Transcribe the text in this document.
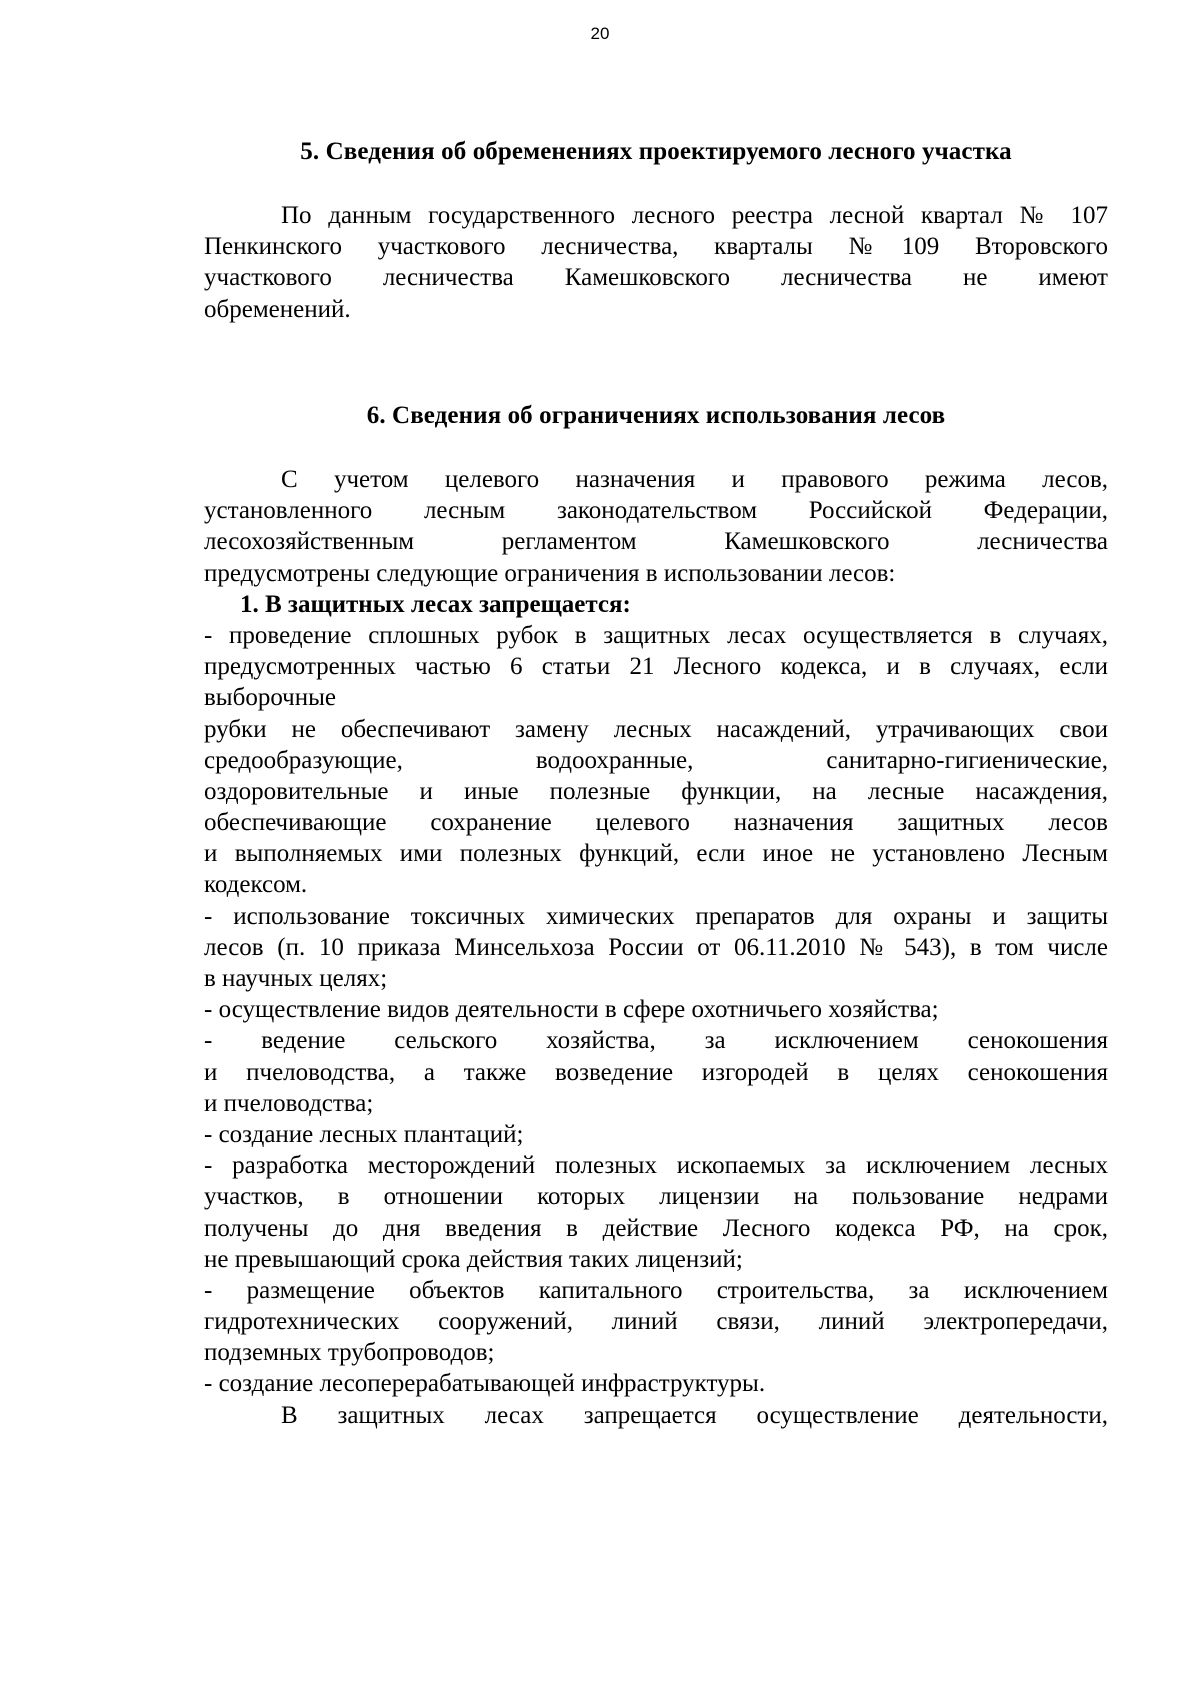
20
5. Сведения об обременениях проектируемого лесного участка
По данным государственного лесного реестра лесной квартал № 107
Пенкинского участкового лесничества, кварталы №109 Второвского
участкового лесничества Камешковского лесничества не имеют
обременений.
6. Сведения об ограничениях использования лесов
С учетом целевого назначения и правового режима лесов,
установленного лесным законодательством Российской Федерации,
лесохозяйственным регламентом Камешковского лесничества
предусмотрены следующие ограничения в использовании лесов:
1. В защитных лесах запрещается:
- проведение сплошных рубок в защитных лесах осуществляется в случаях,
предусмотренных частью 6 статьи 21 Лесного кодекса, и в случаях, если
выборочные
рубки не обеспечивают замену лесных насаждений, утрачивающих свои
средообразующие, водоохранные, санитарно-гигиенические,
оздоровительные и иные полезные функции, на лесные насаждения,
обеспечивающие сохранение целевого назначения защитных лесов
и выполняемых ими полезных функций, если иное не установлено Лесным
кодексом.
- использование токсичных химических препаратов для охраны и защиты
лесов (п. 10 приказа Минсельхоза России от 06.11.2010 № 543), в том числе
в научных целях;
- осуществление видов деятельности в сфере охотничьего хозяйства;
- ведение сельского хозяйства, за исключением сенокошения
и пчеловодства, а также возведение изгородей в целях сенокошения
и пчеловодства;
- создание лесных плантаций;
- разработка месторождений полезных ископаемых за исключением лесных
участков, в отношении которых лицензии на пользование недрами
получены до дня введения в действие Лесного кодекса РФ, на срок,
не превышающий срока действия таких лицензий;
- размещение объектов капитального строительства, за исключением
гидротехнических сооружений, линий связи, линий электропередачи,
подземных трубопроводов;
- создание лесоперерабатывающей инфраструктуры.
В защитных лесах запрещается осуществление деятельности,
